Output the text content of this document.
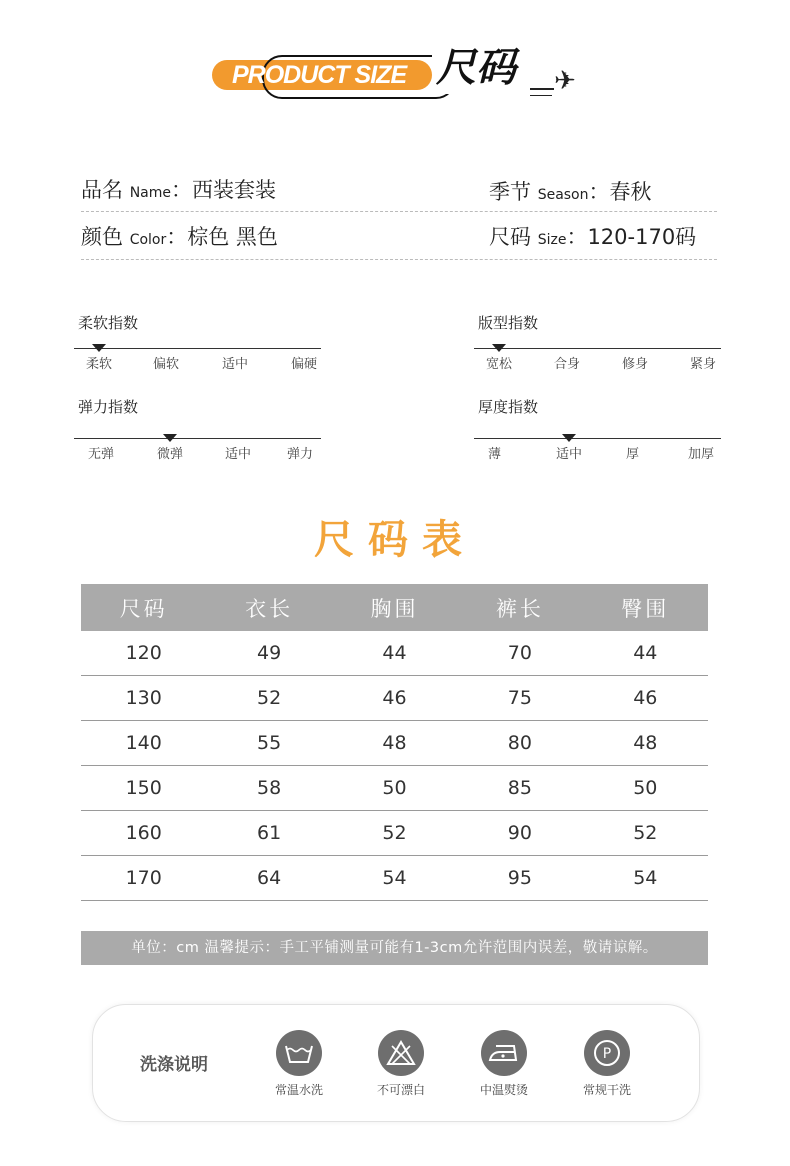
PRODUCT SIZE 尺码 ✈
品名 Name：西装套装	季节 Season：春秋
颜色 Color：棕色 黑色	尺码 Size：120-170码
柔软指数
柔软	偏软	适中	偏硬
版型指数
宽松	合身	修身	紧身
弹力指数
无弹	微弹	适中	弹力
厚度指数
薄	适中	厚	加厚
尺码表
尺码	衣长	胸围	裤长	臀围
120	49	44	70	44
130	52	46	75	46
140	55	48	80	48
150	58	50	85	50
160	61	52	90	52
170	64	54	95	54
单位：cm 温馨提示：手工平铺测量可能有1-3cm允许范围内误差，敬请谅解。
洗涤说明
常温水洗	不可漂白	中温熨烫
P
常规干洗
